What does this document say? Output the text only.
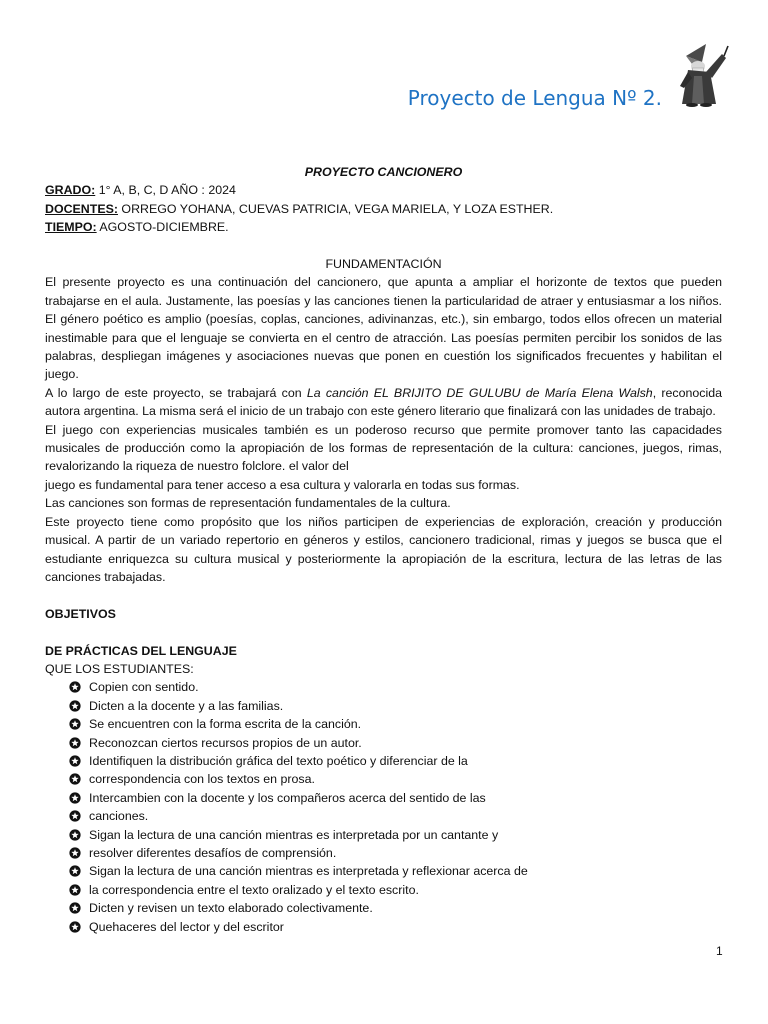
Proyecto de Lengua Nº 2.

PROYECTO CANCIONERO

GRADO: 1° A, B, C, D AÑO : 2024

DOCENTES: ORREGO YOHANA, CUEVAS PATRICIA, VEGA MARIELA, Y LOZA ESTHER.

TIEMPO: AGOSTO-DICIEMBRE.

FUNDAMENTACIÓN

El presente proyecto es una continuación del cancionero, que apunta a ampliar el horizonte de textos que pueden trabajarse en el aula. Justamente, las poesías y las canciones tienen la particularidad de atraer y entusiasmar a los niños. El género poético es amplio (poesías, coplas, canciones, adivinanzas, etc.), sin embargo, todos ellos ofrecen un material inestimable para que el lenguaje se convierta en el centro de atracción. Las poesías permiten percibir los sonidos de las palabras, despliegan imágenes y asociaciones nuevas que ponen en cuestión los significados frecuentes y habilitan el juego.

A lo largo de este proyecto, se trabajará con La canción EL BRIJITO DE GULUBU de María Elena Walsh, reconocida autora argentina. La misma será el inicio de un trabajo con este género literario que finalizará con las unidades de trabajo.

El juego con experiencias musicales también es un poderoso recurso que permite promover tanto las capacidades musicales de producción como la apropiación de los formas de representación de la cultura: canciones, juegos, rimas, revalorizando la riqueza de nuestro folclore. el valor del

juego es fundamental para tener acceso a esa cultura y valorarla en todas sus formas.

Las canciones son formas de representación fundamentales de la cultura.

Este proyecto tiene como propósito que los niños participen de experiencias de exploración, creación y producción musical. A partir de un variado repertorio en géneros y estilos, cancionero tradicional, rimas y juegos se busca que el estudiante enriquezca su cultura musical y posteriormente la apropiación de la escritura, lectura de las letras de las canciones trabajadas.

OBJETIVOS

DE PRÁCTICAS DEL LENGUAJE

QUE LOS ESTUDIANTES:

Copien con sentido.
Dicten a la docente y a las familias.
Se encuentren con la forma escrita de la canción.
Reconozcan ciertos recursos propios de un autor.
Identifiquen la distribución gráfica del texto poético y diferenciar de la
correspondencia con los textos en prosa.
Intercambien con la docente y los compañeros acerca del sentido de las
canciones.
Sigan la lectura de una canción mientras es interpretada por un cantante y
resolver diferentes desafíos de comprensión.
Sigan la lectura de una canción mientras es interpretada y reflexionar acerca de
la correspondencia entre el texto oralizado y el texto escrito.
Dicten y revisen un texto elaborado colectivamente.
Quehaceres del lector y del escritor
1
